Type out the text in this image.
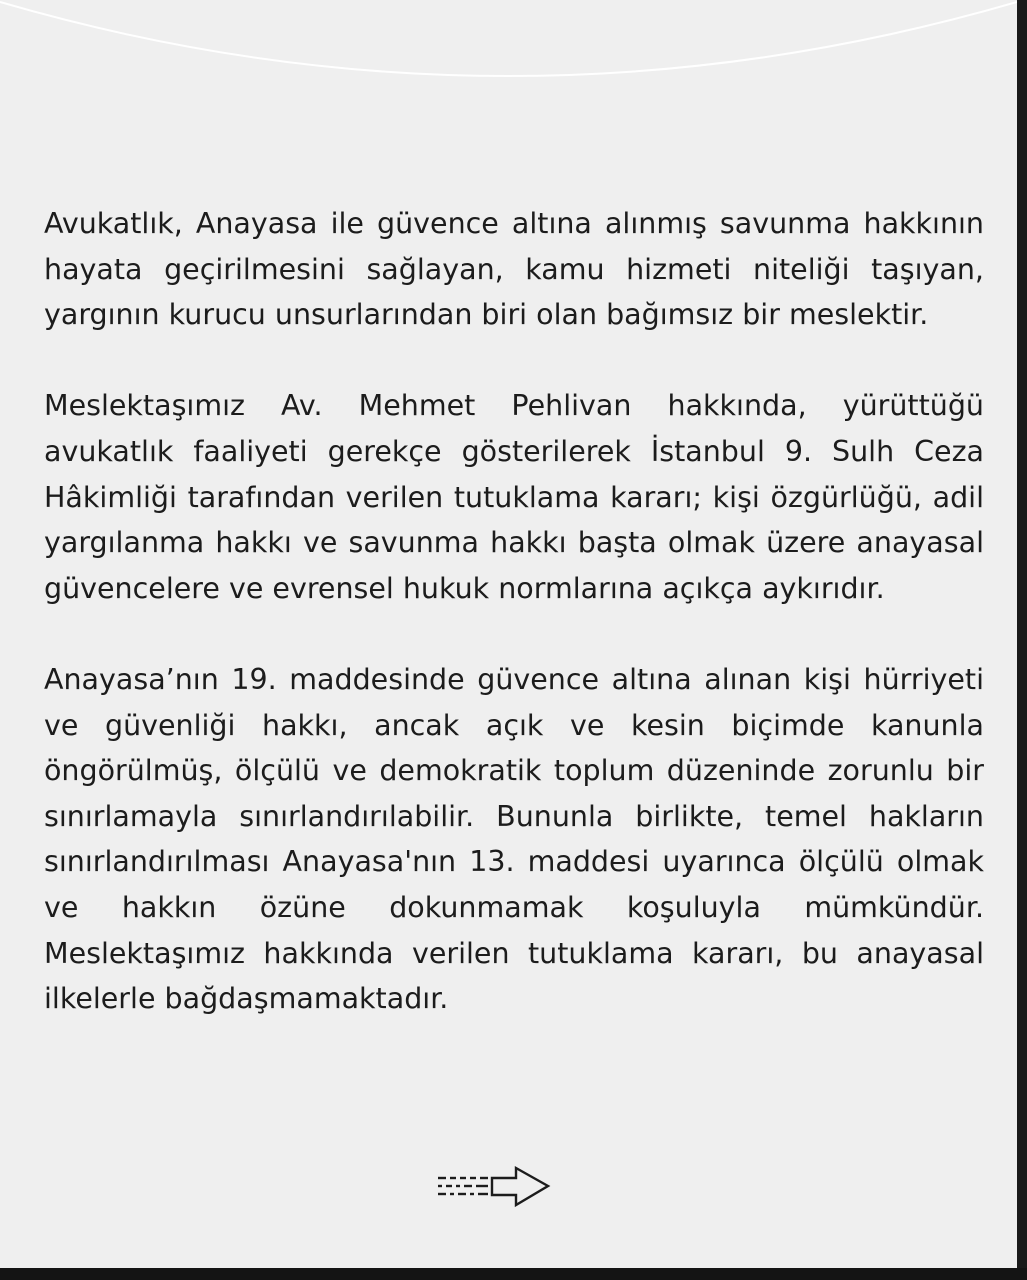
Avukatlık, Anayasa ile güvence altına alınmış savunma hakkının hayata geçirilmesini sağlayan, kamu hizmeti niteliği taşıyan, yargının kurucu unsurlarından biri olan bağımsız bir meslektir.

Meslektaşımız Av. Mehmet Pehlivan hakkında, yürüttüğü avukatlık faaliyeti gerekçe gösterilerek İstanbul 9. Sulh Ceza Hâkimliği tarafından verilen tutuklama kararı; kişi özgürlüğü, adil yargılanma hakkı ve savunma hakkı başta olmak üzere anayasal güvencelere ve evrensel hukuk normlarına açıkça aykırıdır.

Anayasa’nın 19. maddesinde güvence altına alınan kişi hürriyeti ve güvenliği hakkı, ancak açık ve kesin biçimde kanunla öngörülmüş, ölçülü ve demokratik toplum düzeninde zorunlu bir sınırlamayla sınırlandırılabilir. Bununla birlikte, temel hakların sınırlandırılması Anayasa'nın 13. maddesi uyarınca ölçülü olmak ve hakkın özüne dokunmamak koşuluyla mümkündür. Meslektaşımız hakkında verilen tutuklama kararı, bu anayasal ilkelerle bağdaşmamaktadır.
